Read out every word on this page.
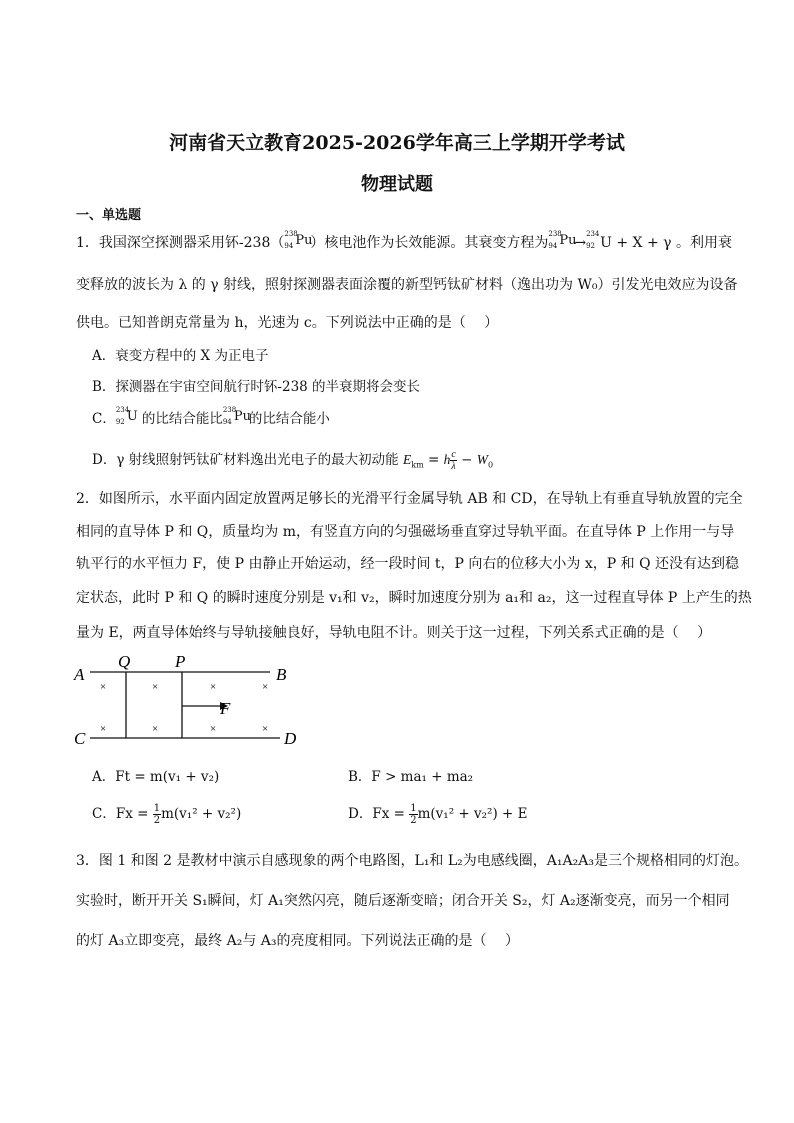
河南省天立教育2025-2026学年高三上学期开学考试
物理试题
一、单选题
1．我国深空探测器采用钚-238（
238
94 Pu
）核电池作为长效能源。其衰变方程为
238
94 Pu
→
234
92 U + X + γ 。利用衰
变释放的波长为 λ 的 γ 射线，照射探测器表面涂覆的新型钙钛矿材料（逸出功为 W₀）引发光电效应为设备
供电。已知普朗克常量为 h，光速为 c。下列说法中正确的是（　 ）
A．衰变方程中的 X 为正电子
B．探测器在宇宙空间航行时钚-238 的半衰期将会变长
C．
234
92 U 的比结合能比
238
94 Pu
的比结合能小
D．γ 射线照射钙钛矿材料逸出光电子的最大初动能 $E_{km} = h \frac{c}{\lambda} - W_0$
2．如图所示，水平面内固定放置两足够长的光滑平行金属导轨 AB 和 CD，在导轨上有垂直导轨放置的完全
相同的直导体 P 和 Q，质量均为 m，有竖直方向的匀强磁场垂直穿过导轨平面。在直导体 P 上作用一与导
轨平行的水平恒力 F，使 P 由静止开始运动，经一段时间 t，P 向右的位移大小为 x，P 和 Q 还没有达到稳
定状态，此时 P 和 Q 的瞬时速度分别是 v₁和 v₂，瞬时加速度分别为 a₁和 a₂，这一过程直导体 P 上产生的热
量为 E，两直导体始终与导轨接触良好，导轨电阻不计。则关于这一过程，下列关系式正确的是（　 ）
A	B
C	D
Q	P
F
×	×	×	×
×	×	×	×
A．Ft = m(v₁ + v₂)	B．F > ma₁ + ma₂
C．$Fx = \frac{1}{2} m(v_1^2 + v_2^2)$	D．$Fx = \frac{1}{2} m(v_1^2 + v_2^2) + E$
3．图 1 和图 2 是教材中演示自感现象的两个电路图，L₁和 L₂为电感线圈，A₁A₂A₃是三个规格相同的灯泡。
实验时，断开开关 S₁瞬间，灯 A₁突然闪亮，随后逐渐变暗；闭合开关 S₂，灯 A₂逐渐变亮，而另一个相同
的灯 A₃立即变亮，最终 A₂与 A₃的亮度相同。下列说法正确的是（　 ）
